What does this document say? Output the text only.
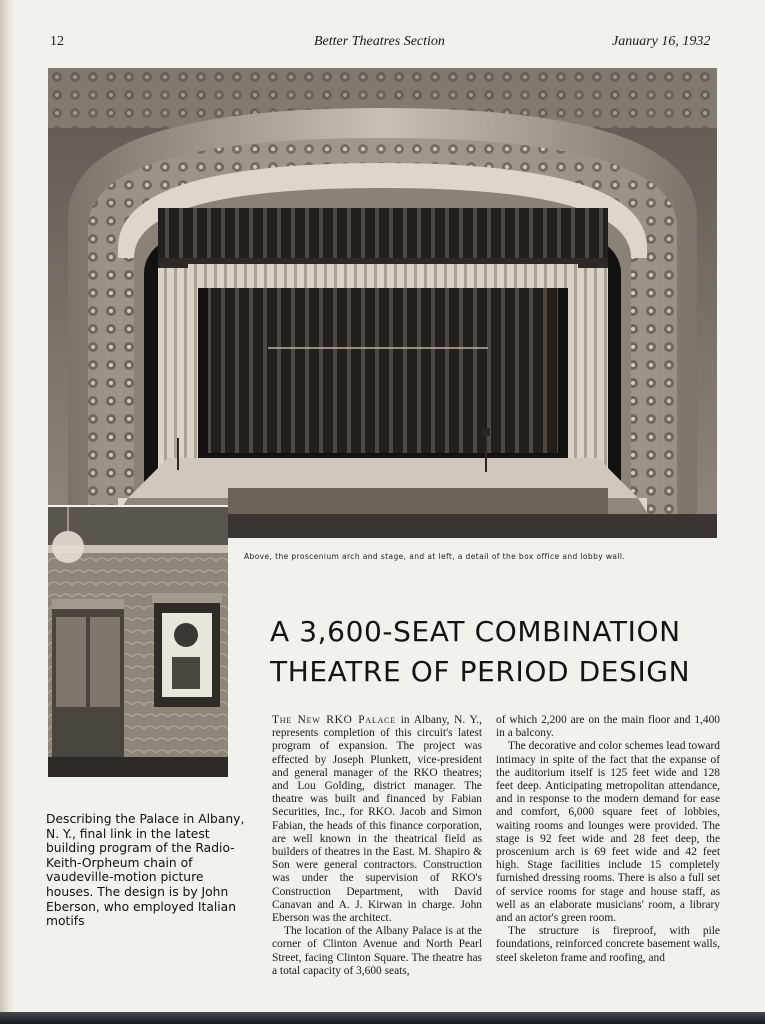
12	Better Theatres Section	January 16, 1932
Above, the proscenium arch and stage, and at left, a detail of the box office and lobby wall.
A 3,600-SEAT COMBINATION
THEATRE OF PERIOD DESIGN
Describing the Palace in Albany, N. Y., final link in the latest building program of the Radio-Keith-Orpheum chain of vaudeville-motion picture houses. The design is by John Eberson, who employed Italian motifs

The New RKO Palace in Albany, N. Y., represents completion of this circuit's latest program of expansion. The project was effected by Joseph Plunkett, vice-president and general manager of the RKO theatres; and Lou Golding, district manager. The theatre was built and financed by Fabian Securities, Inc., for RKO. Jacob and Simon Fabian, the heads of this finance corporation, are well known in the theatrical field as builders of theatres in the East. M. Shapiro & Son were general contractors. Construction was under the supervision of RKO's Construction Department, with David Canavan and A. J. Kirwan in charge. John Eberson was the architect.

The location of the Albany Palace is at the corner of Clinton Avenue and North Pearl Street, facing Clinton Square. The theatre has a total capacity of 3,600 seats,

of which 2,200 are on the main floor and 1,400 in a balcony.

The decorative and color schemes lead toward intimacy in spite of the fact that the expanse of the auditorium itself is 125 feet wide and 128 feet deep. Anticipating metropolitan attendance, and in response to the modern demand for ease and comfort, 6,000 square feet of lobbies, waiting rooms and lounges were provided. The stage is 92 feet wide and 28 feet deep, the proscenium arch is 69 feet wide and 42 feet high. Stage facilities include 15 completely furnished dressing rooms. There is also a full set of service rooms for stage and house staff, as well as an elaborate musicians' room, a library and an actor's green room.

The structure is fireproof, with pile foundations, reinforced concrete basement walls, steel skeleton frame and roofing, and
